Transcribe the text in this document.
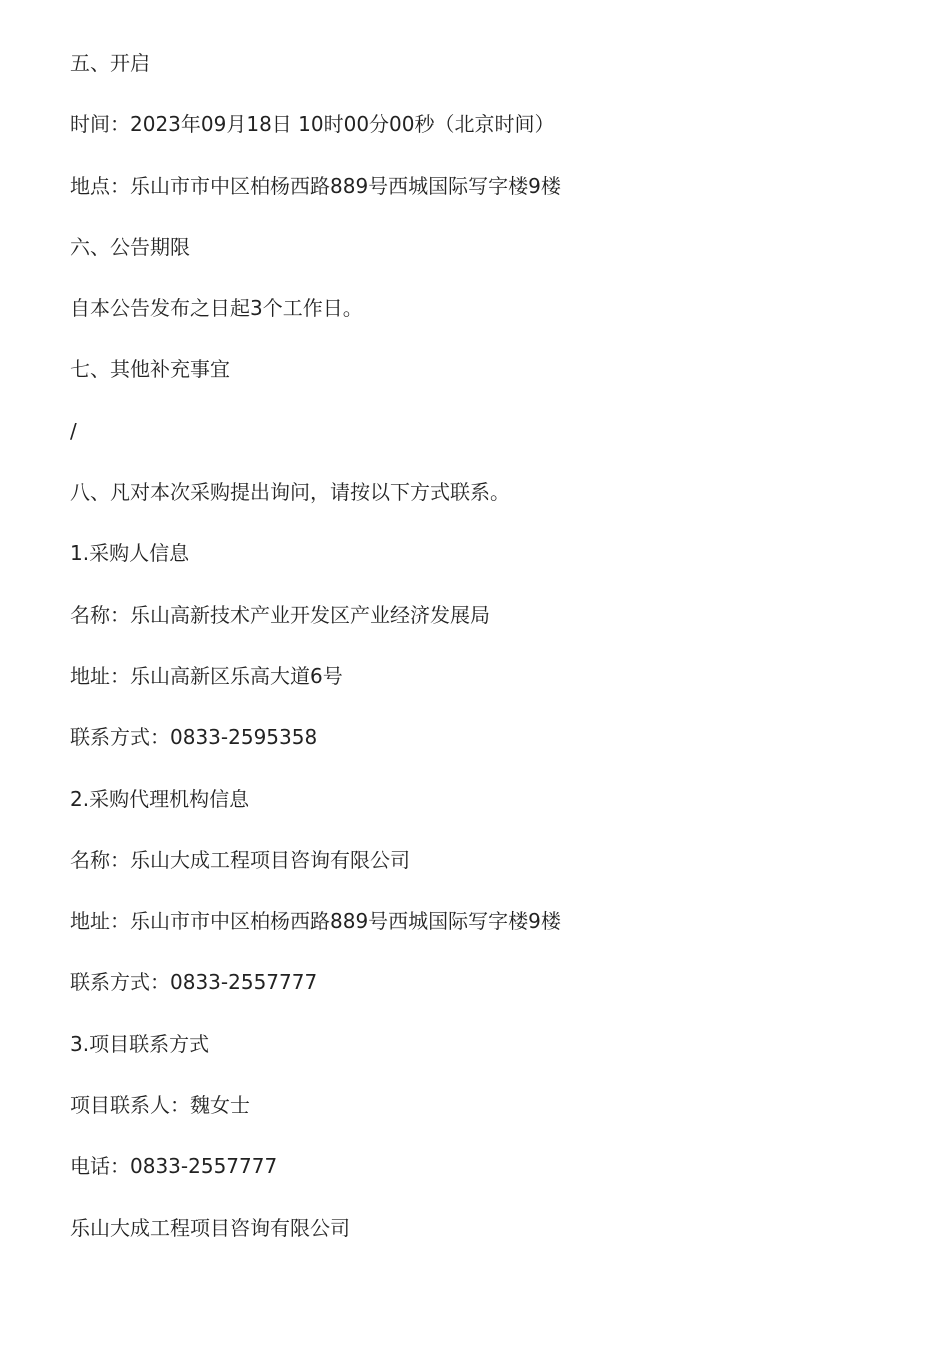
五、开启
时间：2023年09月18日 10时00分00秒（北京时间）
地点：乐山市市中区柏杨西路889号西城国际写字楼9楼
六、公告期限
自本公告发布之日起3个工作日。
七、其他补充事宜
/
八、凡对本次采购提出询问，请按以下方式联系。
1.采购人信息
名称：乐山高新技术产业开发区产业经济发展局
地址：乐山高新区乐高大道6号
联系方式：0833-2595358
2.采购代理机构信息
名称：乐山大成工程项目咨询有限公司
地址：乐山市市中区柏杨西路889号西城国际写字楼9楼
联系方式：0833-2557777
3.项目联系方式
项目联系人：魏女士
电话：0833-2557777
乐山大成工程项目咨询有限公司
